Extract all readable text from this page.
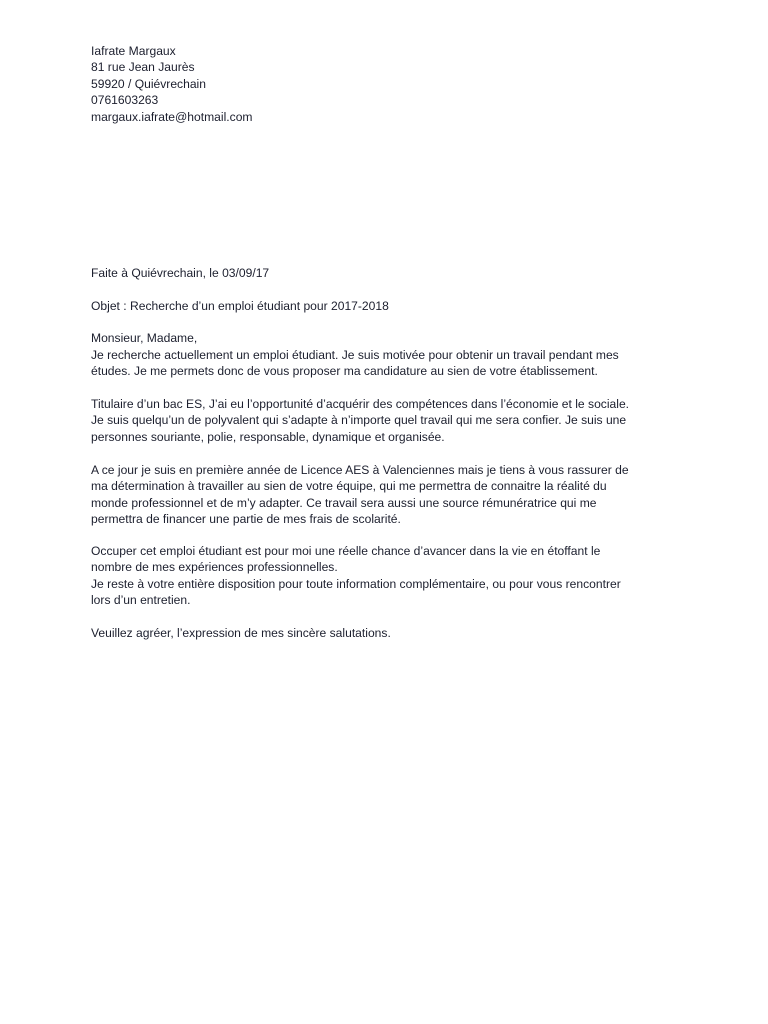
Iafrate Margaux
81 rue Jean Jaurès
59920 / Quiévrechain
0761603263
margaux.iafrate@hotmail.com
Faite à Quiévrechain, le 03/09/17
Objet : Recherche d’un emploi étudiant pour 2017-2018
Monsieur, Madame,
Je recherche actuellement un emploi étudiant. Je suis motivée pour obtenir un travail pendant mes
études. Je me permets donc de vous proposer ma candidature au sien de votre établissement.
Titulaire d’un bac ES, J’ai eu l’opportunité d’acquérir des compétences dans l’économie et le sociale.
Je suis quelqu’un de polyvalent qui s’adapte à n’importe quel travail qui me sera confier. Je suis une
personnes souriante, polie, responsable, dynamique et organisée.
A ce jour je suis en première année de Licence AES à Valenciennes mais je tiens à vous rassurer de
ma détermination à travailler au sien de votre équipe, qui me permettra de connaitre la réalité du
monde professionnel et de m’y adapter. Ce travail sera aussi une source rémunératrice qui me
permettra de financer une partie de mes frais de scolarité.
Occuper cet emploi étudiant est pour moi une réelle chance d’avancer dans la vie en étoffant le
nombre de mes expériences professionnelles.
Je reste à votre entière disposition pour toute information complémentaire, ou pour vous rencontrer
lors d’un entretien.
Veuillez agréer, l’expression de mes sincère salutations.
